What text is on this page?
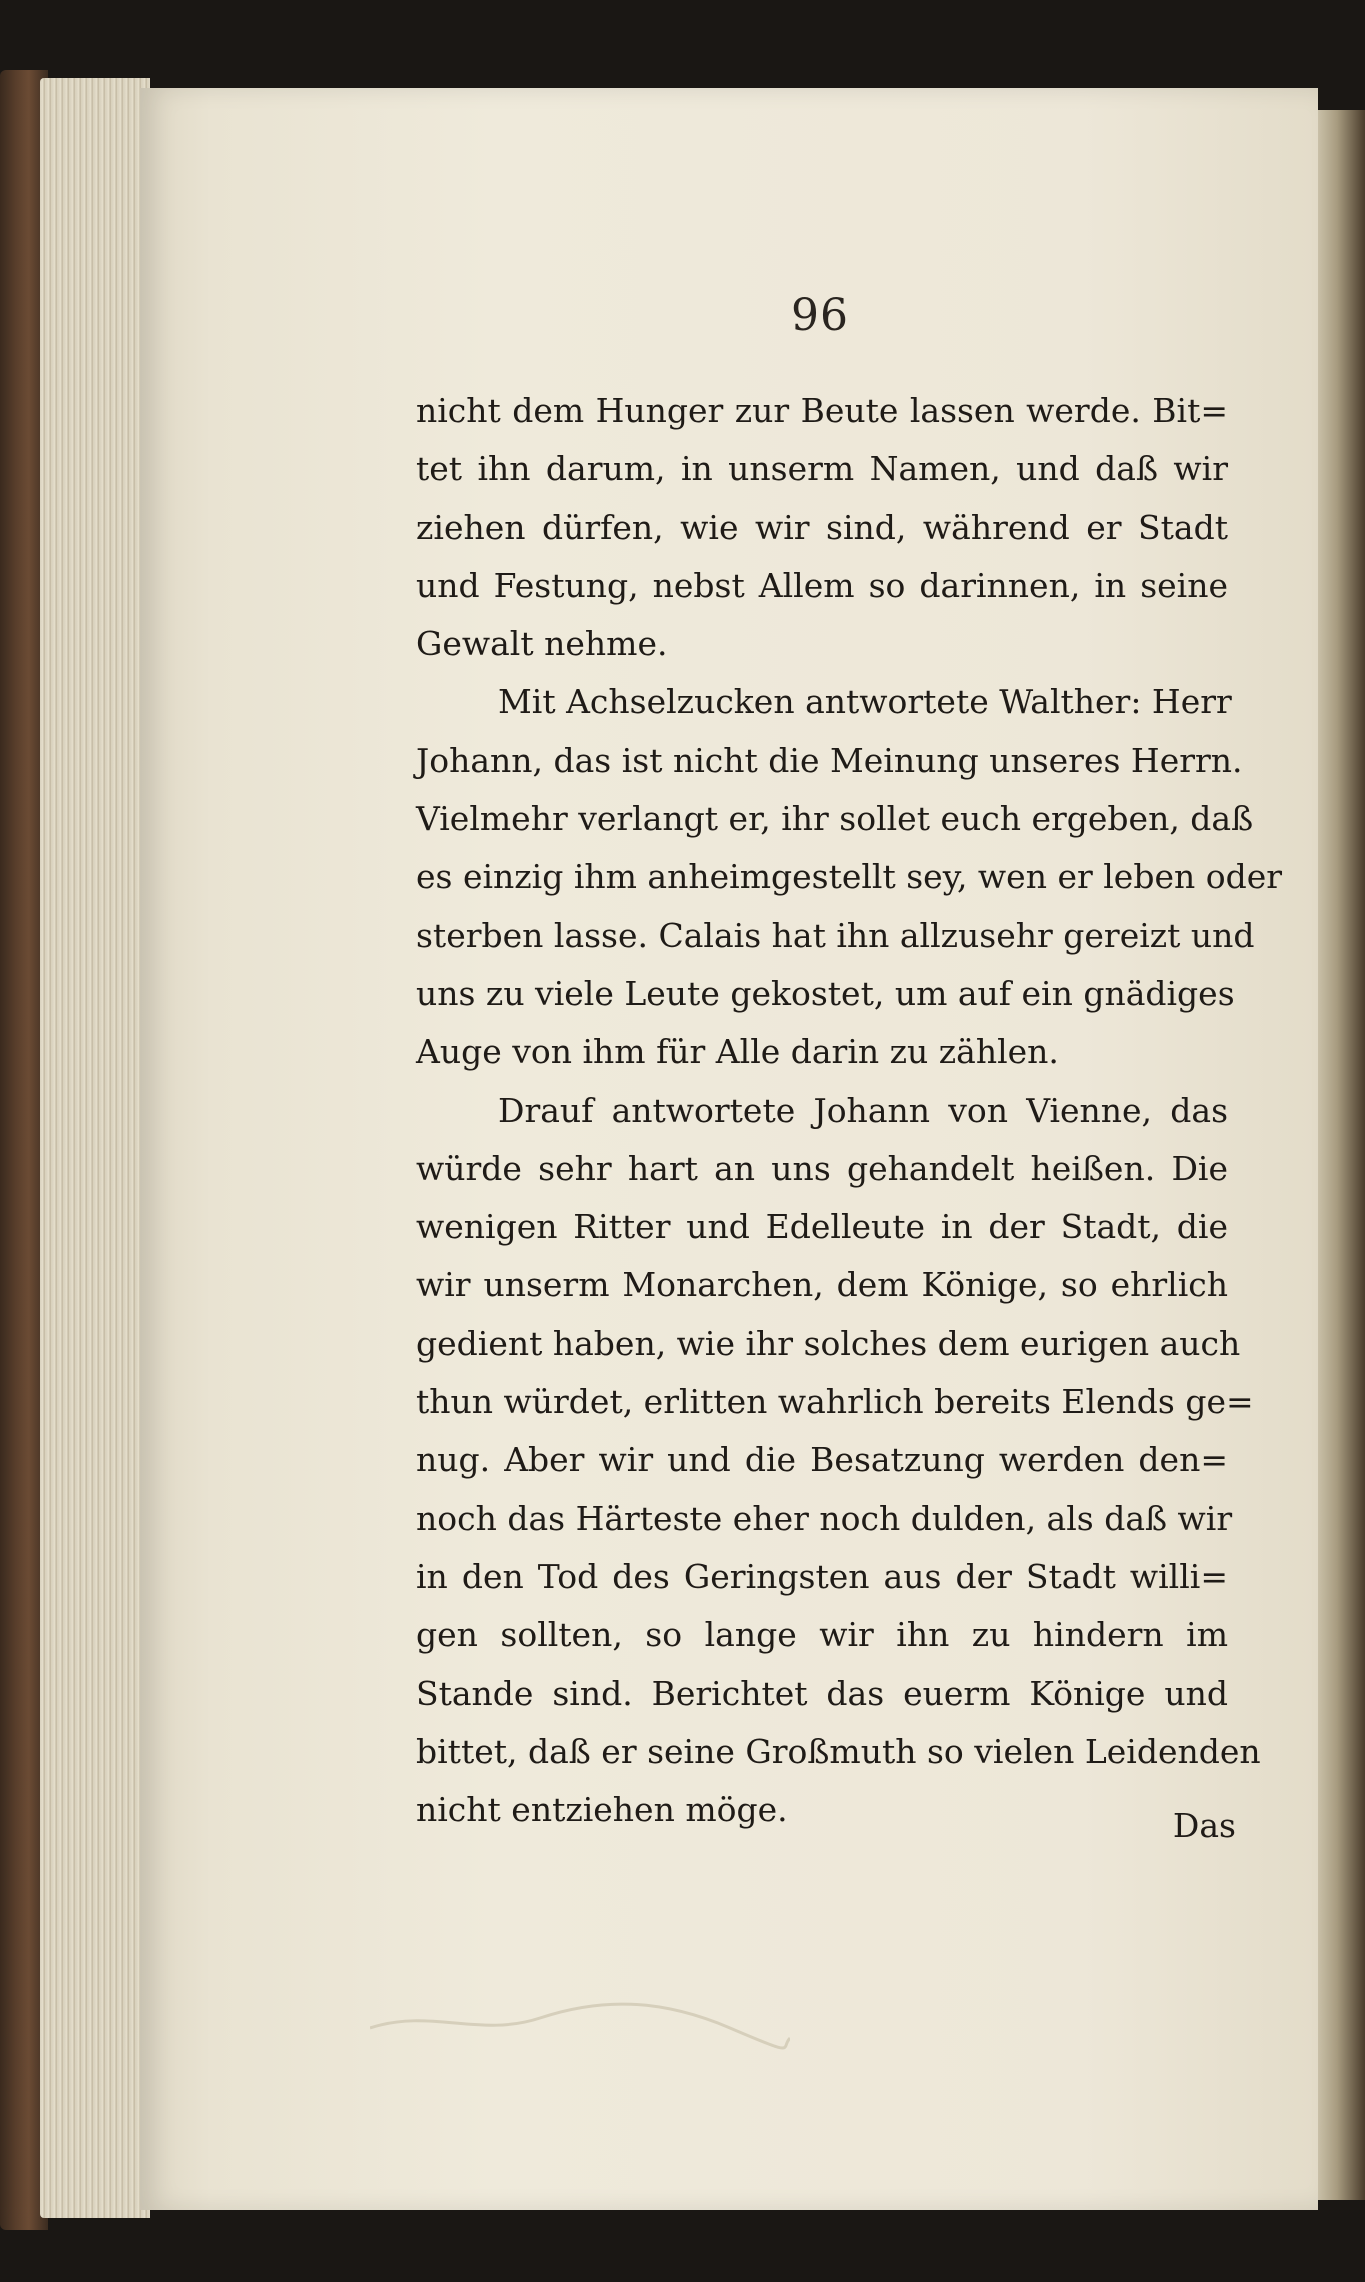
96
nicht dem Hunger zur Beute lassen werde. Bit=
tet ihn darum, in unserm Namen, und daß wir
ziehen dürfen, wie wir sind, während er Stadt
und Festung, nebst Allem so darinnen, in seine
Gewalt nehme.
Mit Achselzucken antwortete Walther: Herr
Johann, das ist nicht die Meinung unseres Herrn.
Vielmehr verlangt er, ihr sollet euch ergeben, daß
es einzig ihm anheimgestellt sey, wen er leben oder
sterben lasse. Calais hat ihn allzusehr gereizt und
uns zu viele Leute gekostet, um auf ein gnädiges
Auge von ihm für Alle darin zu zählen.
Drauf antwortete Johann von Vienne, das
würde sehr hart an uns gehandelt heißen. Die
wenigen Ritter und Edelleute in der Stadt, die
wir unserm Monarchen, dem Könige, so ehrlich
gedient haben, wie ihr solches dem eurigen auch
thun würdet, erlitten wahrlich bereits Elends ge=
nug. Aber wir und die Besatzung werden den=
noch das Härteste eher noch dulden, als daß wir
in den Tod des Geringsten aus der Stadt willi=
gen sollten, so lange wir ihn zu hindern im
Stande sind. Berichtet das euerm Könige und
bittet, daß er seine Großmuth so vielen Leidenden
nicht entziehen möge.	Das
